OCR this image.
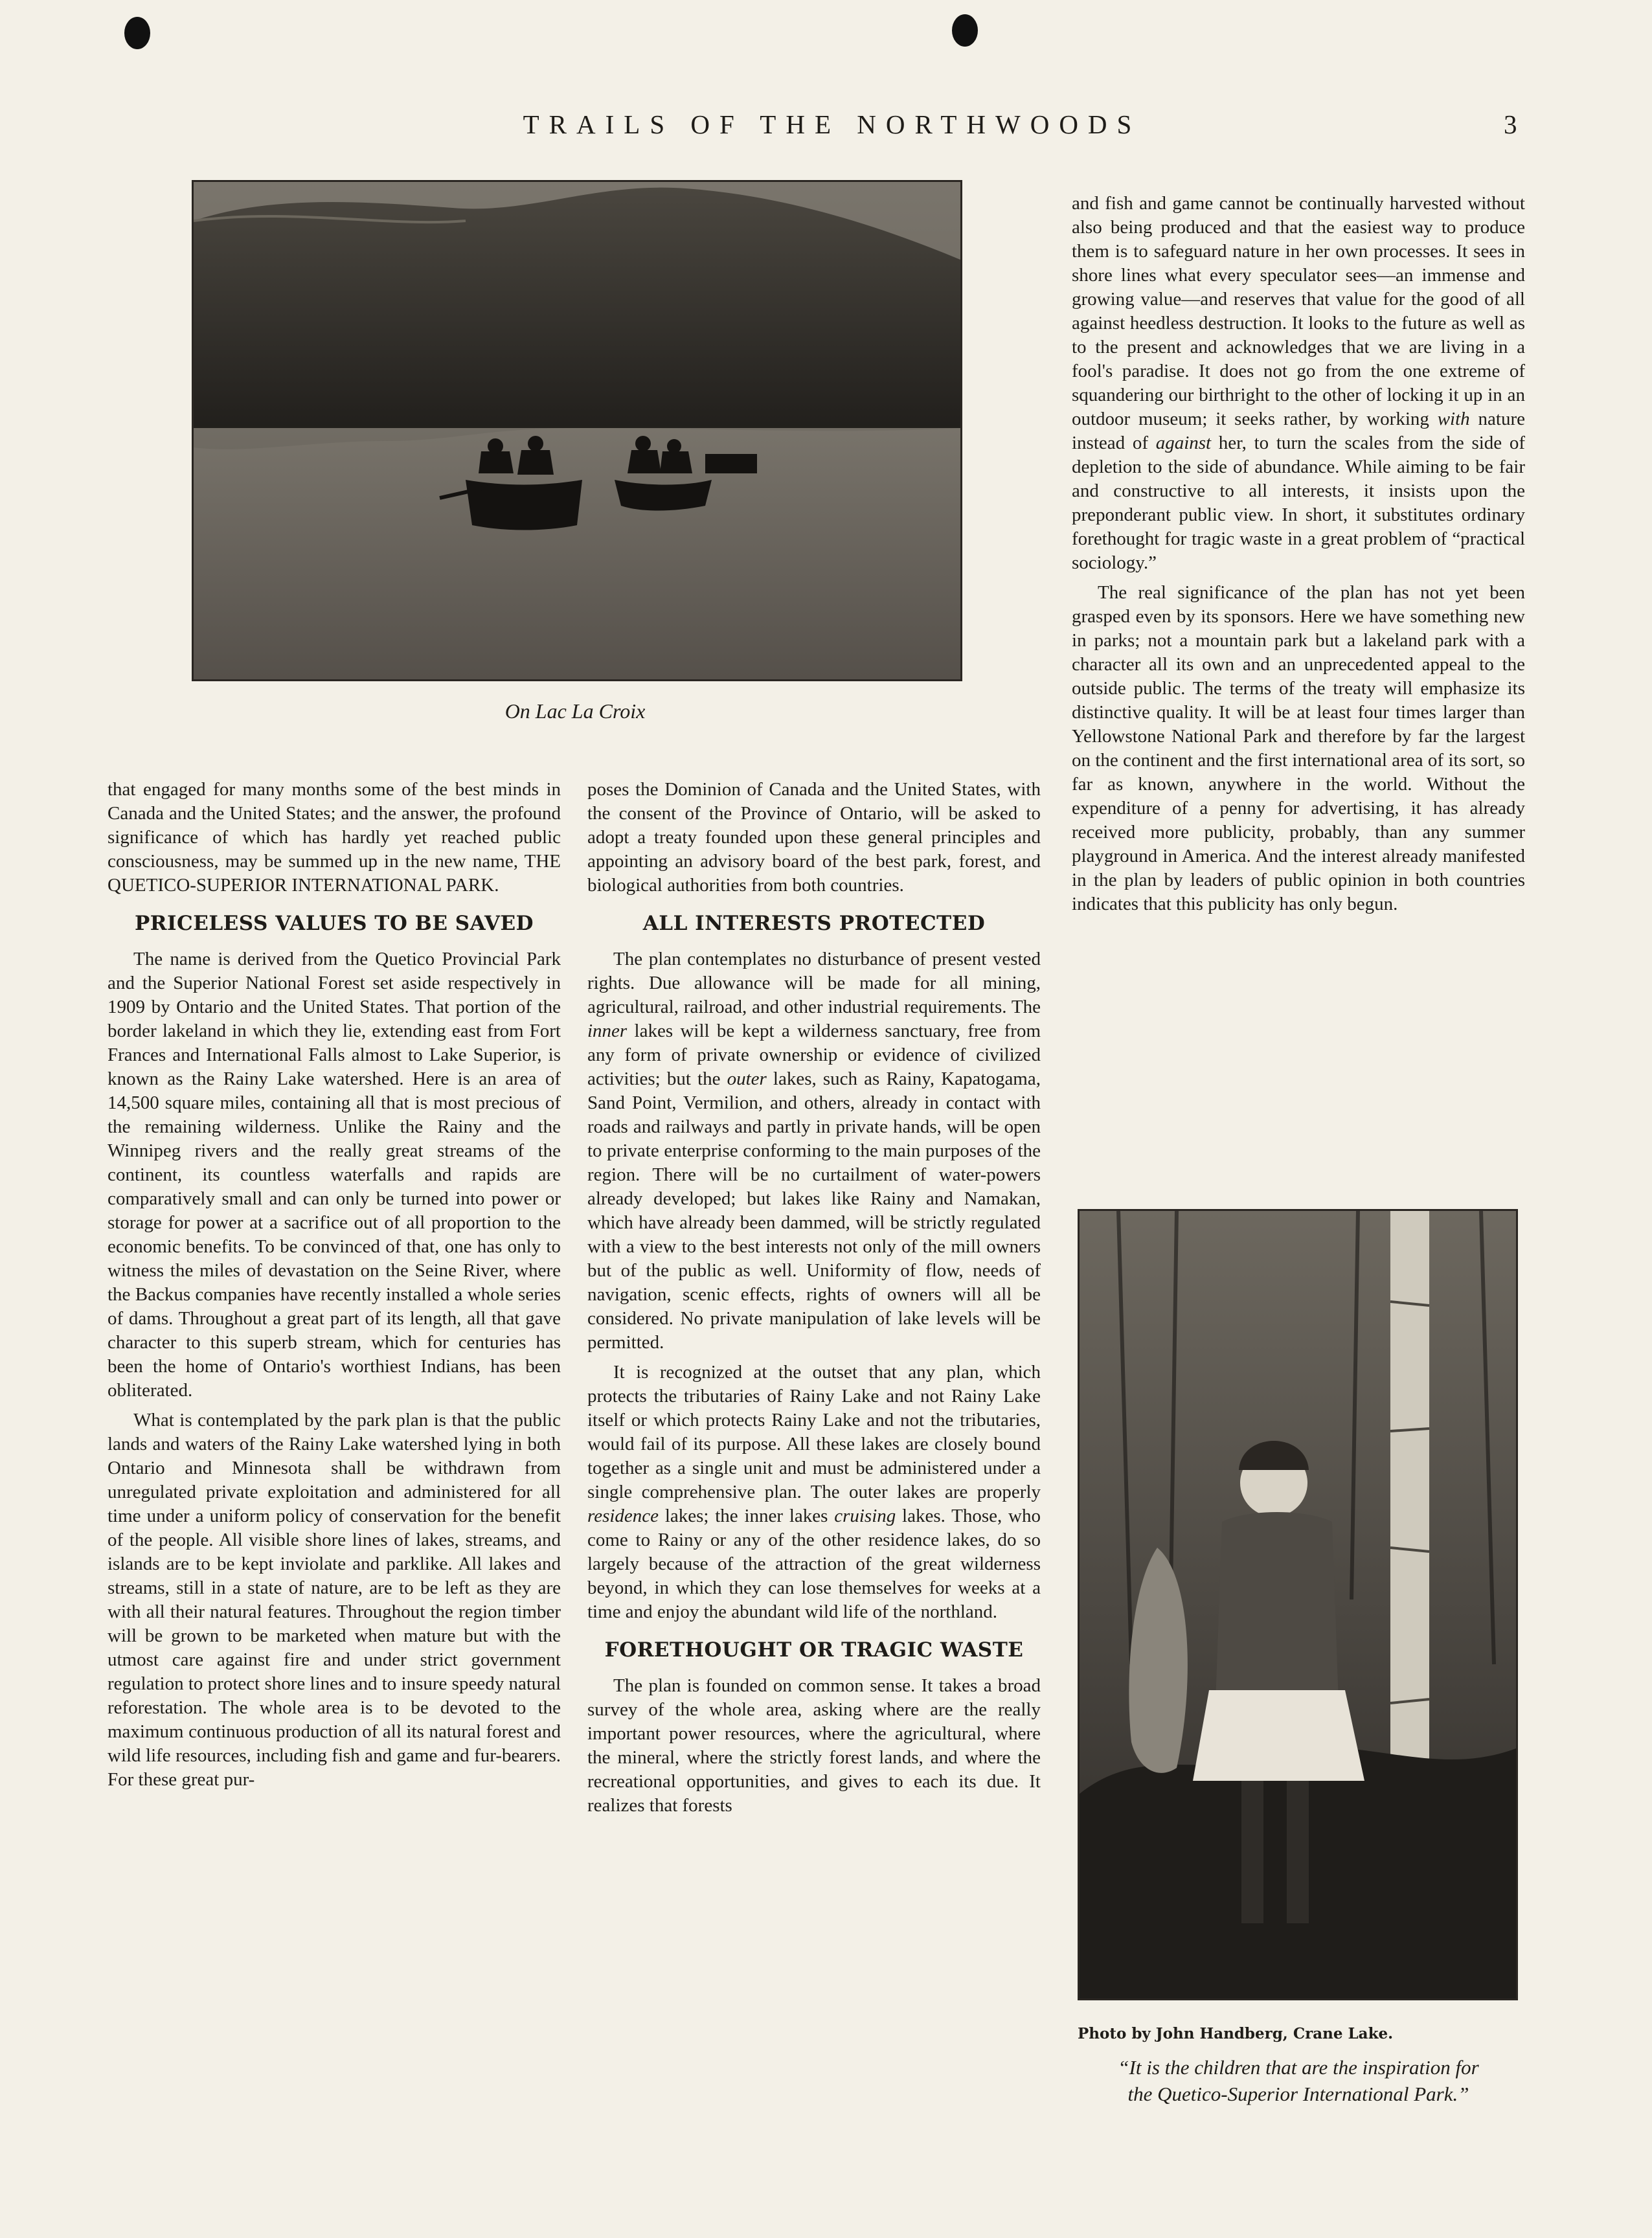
TRAILS OF THE NORTHWOODS	3
On Lac La Croix

that engaged for many months some of the best minds in Canada and the United States; and the answer, the profound significance of which has hardly yet reached public consciousness, may be summed up in the new name, THE QUETICO-SUPERIOR INTERNATIONAL PARK.

PRICELESS VALUES TO BE SAVED

The name is derived from the Quetico Provincial Park and the Superior National Forest set aside respectively in 1909 by Ontario and the United States. That portion of the border lakeland in which they lie, extending east from Fort Frances and International Falls almost to Lake Superior, is known as the Rainy Lake watershed. Here is an area of 14,500 square miles, containing all that is most precious of the remaining wilderness. Unlike the Rainy and the Winnipeg rivers and the really great streams of the continent, its countless waterfalls and rapids are comparatively small and can only be turned into power or storage for power at a sacrifice out of all proportion to the economic benefits. To be convinced of that, one has only to witness the miles of devastation on the Seine River, where the Backus companies have recently installed a whole series of dams. Throughout a great part of its length, all that gave character to this superb stream, which for centuries has been the home of Ontario's worthiest Indians, has been obliterated.

What is contemplated by the park plan is that the public lands and waters of the Rainy Lake watershed lying in both Ontario and Minnesota shall be withdrawn from unregulated private exploitation and administered for all time under a uniform policy of conservation for the benefit of the people. All visible shore lines of lakes, streams, and islands are to be kept inviolate and parklike. All lakes and streams, still in a state of nature, are to be left as they are with all their natural features. Throughout the region timber will be grown to be marketed when mature but with the utmost care against fire and under strict government regulation to protect shore lines and to insure speedy natural reforestation. The whole area is to be devoted to the maximum continuous production of all its natural forest and wild life resources, including fish and game and fur-bearers. For these great pur-

poses the Dominion of Canada and the United States, with the consent of the Province of Ontario, will be asked to adopt a treaty founded upon these general principles and appointing an advisory board of the best park, forest, and biological authorities from both countries.

ALL INTERESTS PROTECTED

The plan contemplates no disturbance of present vested rights. Due allowance will be made for all mining, agricultural, railroad, and other industrial requirements. The inner lakes will be kept a wilderness sanctuary, free from any form of private ownership or evidence of civilized activities; but the outer lakes, such as Rainy, Kapatogama, Sand Point, Vermilion, and others, already in contact with roads and railways and partly in private hands, will be open to private enterprise conforming to the main purposes of the region. There will be no curtailment of water-powers already developed; but lakes like Rainy and Namakan, which have already been dammed, will be strictly regulated with a view to the best interests not only of the mill owners but of the public as well. Uniformity of flow, needs of navigation, scenic effects, rights of owners will all be considered. No private manipulation of lake levels will be permitted.

It is recognized at the outset that any plan, which protects the tributaries of Rainy Lake and not Rainy Lake itself or which protects Rainy Lake and not the tributaries, would fail of its purpose. All these lakes are closely bound together as a single unit and must be administered under a single comprehensive plan. The outer lakes are properly residence lakes; the inner lakes cruising lakes. Those, who come to Rainy or any of the other residence lakes, do so largely because of the attraction of the great wilderness beyond, in which they can lose themselves for weeks at a time and enjoy the abundant wild life of the northland.

FORETHOUGHT OR TRAGIC WASTE

The plan is founded on common sense. It takes a broad survey of the whole area, asking where are the really important power resources, where the agricultural, where the mineral, where the strictly forest lands, and where the recreational opportunities, and gives to each its due. It realizes that forests

and fish and game cannot be continually harvested without also being produced and that the easiest way to produce them is to safeguard nature in her own processes. It sees in shore lines what every speculator sees—an immense and growing value—and reserves that value for the good of all against heedless destruction. It looks to the future as well as to the present and acknowledges that we are living in a fool's paradise. It does not go from the one extreme of squandering our birthright to the other of locking it up in an outdoor museum; it seeks rather, by working with nature instead of against her, to turn the scales from the side of depletion to the side of abundance. While aiming to be fair and constructive to all interests, it insists upon the preponderant public view. In short, it substitutes ordinary forethought for tragic waste in a great problem of “practical sociology.”

The real significance of the plan has not yet been grasped even by its sponsors. Here we have something new in parks; not a mountain park but a lakeland park with a character all its own and an unprecedented appeal to the outside public. The terms of the treaty will emphasize its distinctive quality. It will be at least four times larger than Yellowstone National Park and therefore by far the largest on the continent and the first international area of its sort, so far as known, anywhere in the world. Without the expenditure of a penny for advertising, it has already received more publicity, probably, than any summer playground in America. And the interest already manifested in the plan by leaders of public opinion in both countries indicates that this publicity has only begun.

Photo by John Handberg, Crane Lake.
“It is the children that are the inspiration for
the Quetico-Superior International Park.”
